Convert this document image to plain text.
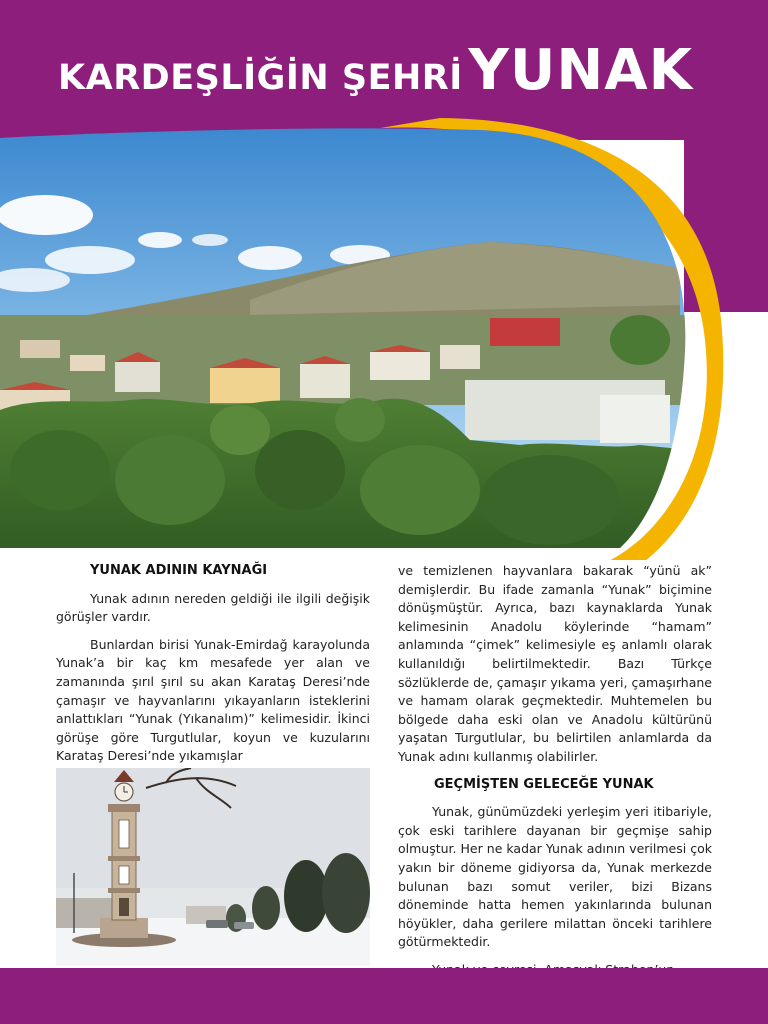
KARDEŞLİĞİN ŞEHRİ YUNAK

YUNAK ADININ KAYNAĞI

Yunak adının nereden geldiği ile ilgili değişik görüşler vardır.

Bunlardan birisi Yunak-Emirdağ karayolunda Yunak’a bir kaç km mesafede yer alan ve zamanında şırıl şırıl su akan Karataş Deresi’nde çamaşır ve hayvanlarını yıkayanların isteklerini anlattıkları “Yunak (Yıkanalım)” kelimesidir. İkinci görüşe göre Turgutlular, koyun ve kuzularını Karataş Deresi’nde yıkamışlar

ve temizlenen hayvanlara bakarak “yünü ak” demişlerdir. Bu ifade zamanla “Yunak” biçimine dönüşmüştür. Ayrıca, bazı kaynaklarda Yunak kelimesinin Anadolu köylerinde “hamam” anlamında “çimek” kelimesiyle eş anlamlı olarak kullanıldığı belirtilmektedir. Bazı Türkçe sözlüklerde de, çamaşır yıkama yeri, çamaşırhane ve hamam olarak geçmektedir. Muhtemelen bu bölgede daha eski olan ve Anadolu kültürünü yaşatan Turgutlular, bu belirtilen anlamlarda da Yunak adını kullanmış olabilirler.

GEÇMİŞTEN GELECEĞE YUNAK

Yunak, günümüzdeki yerleşim yeri itibariyle, çok eski tarihlere dayanan bir geçmişe sahip olmuştur. Her ne kadar Yunak adının verilmesi çok yakın bir döneme gidiyorsa da, Yunak merkezde bulunan bazı somut veriler, bizi Bizans döneminde hatta hemen yakınlarında bulunan höyükler, daha gerilere milattan önceki tarihlere götürmektedir.
